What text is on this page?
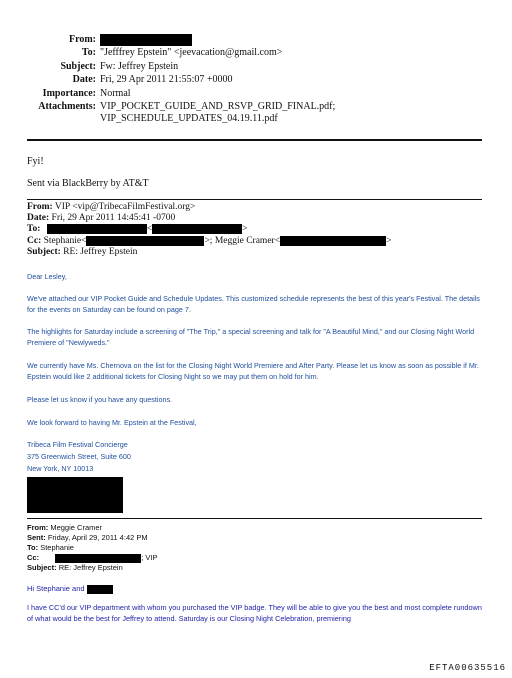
From:
To: "Jefffrey Epstein" <jeevacation@gmail.com>
Subject: Fw: Jeffrey Epstein
Date: Fri, 29 Apr 2011 21:55:07 +0000
Importance: Normal
Attachments: VIP_POCKET_GUIDE_AND_RSVP_GRID_FINAL.pdf;
VIP_SCHEDULE_UPDATES_04.19.11.pdf
Fyi!
Sent via BlackBerry by AT&T
From: VIP <vip@TribecaFilmFestival.org>
Date: Fri, 29 Apr 2011 14:45:41 -0700
To:	<	>
Cc: Stephanie<	>; Meggie Cramer<	>
Subject: RE: Jeffrey Epstein
Dear Lesley,
We've attached our VIP Pocket Guide and Schedule Updates. This customized schedule represents the best of this year's Festival. The details for the events on Saturday can be found on page 7.
The highlights for Saturday include a screening of "The Trip," a special screening and talk for "A Beautiful Mind," and our Closing Night World Premiere of "Newlyweds."
We currently have Ms. Chernova on the list for the Closing Night World Premiere and After Party. Please let us know as soon as possible if Mr. Epstein would like 2 additional tickets for Closing Night so we may put them on hold for him.
Please let us know if you have any questions.
We look forward to having Mr. Epstein at the Festival,
Tribeca Film Festival Concierge
375 Greenwich Street, Suite 600
New York, NY 10013
From: Meggie Cramer
Sent: Friday, April 29, 2011 4:42 PM
To: Stephanie
Cc:	; VIP
Subject: RE: Jeffrey Epstein
Hi Stephanie and
I have CC'd our VIP department with whom you purchased the VIP badge. They will be able to give you the best and most complete rundown of what would be the best for Jeffrey to attend. Saturday is our Closing Night Celebration, premiering
EFTA00635516
